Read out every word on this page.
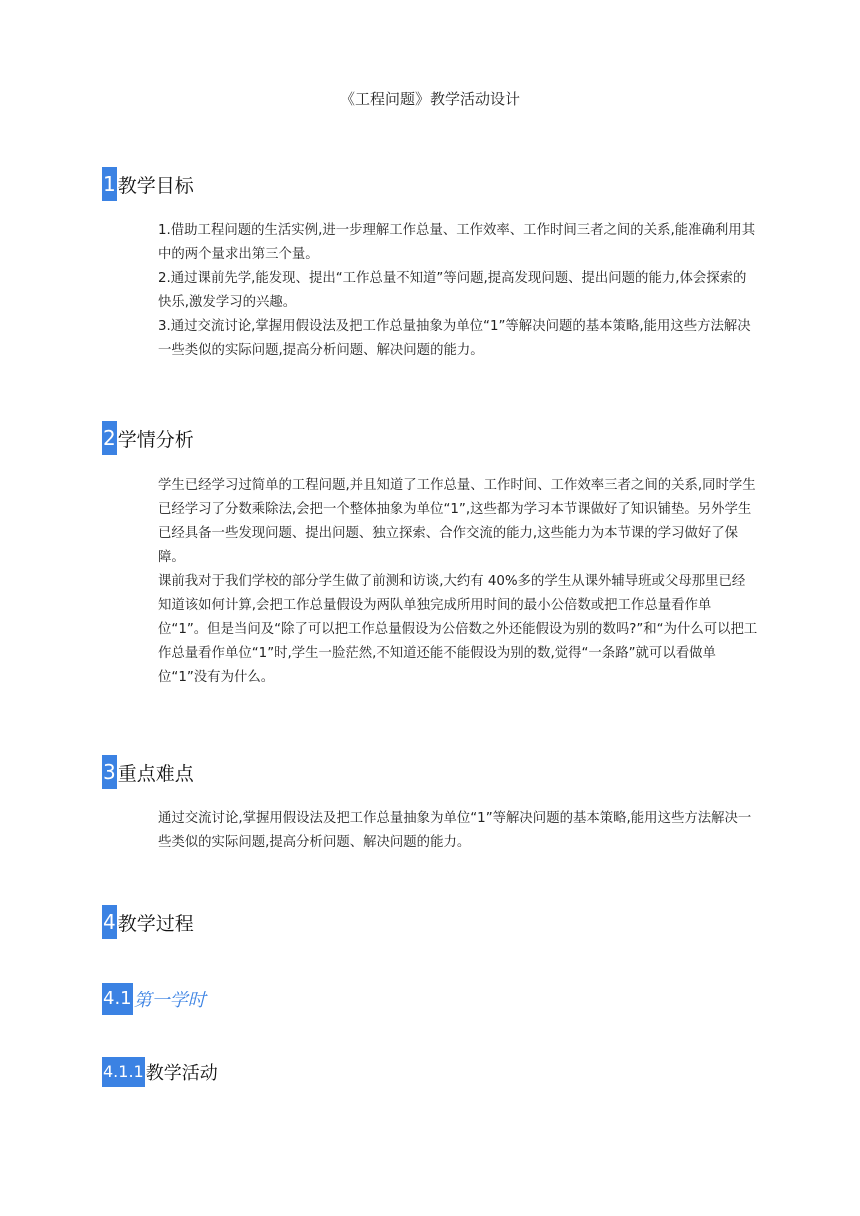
《工程问题》教学活动设计
1 教学目标

1.借助工程问题的生活实例,进一步理解工作总量、工作效率、工作时间三者之间的关系,能准确利用其中的两个量求出第三个量。

2.通过课前先学,能发现、提出“工作总量不知道”等问题,提高发现问题、提出问题的能力,体会探索的快乐,激发学习的兴趣。

3.通过交流讨论,掌握用假设法及把工作总量抽象为单位“1”等解决问题的基本策略,能用这些方法解决一些类似的实际问题,提高分析问题、解决问题的能力。

2 学情分析

学生已经学习过简单的工程问题,并且知道了工作总量、工作时间、工作效率三者之间的关系,同时学生已经学习了分数乘除法,会把一个整体抽象为单位“1”,这些都为学习本节课做好了知识铺垫。另外学生已经具备一些发现问题、提出问题、独立探索、合作交流的能力,这些能力为本节课的学习做好了保障。

课前我对于我们学校的部分学生做了前测和访谈,大约有 40%多的学生从课外辅导班或父母那里已经知道该如何计算,会把工作总量假设为两队单独完成所用时间的最小公倍数或把工作总量看作单位“1”。但是当问及“除了可以把工作总量假设为公倍数之外还能假设为别的数吗?”和“为什么可以把工作总量看作单位“1”时,学生一脸茫然,不知道还能不能假设为别的数,觉得“一条路”就可以看做单位“1”没有为什么。

3 重点难点

通过交流讨论,掌握用假设法及把工作总量抽象为单位“1”等解决问题的基本策略,能用这些方法解决一些类似的实际问题,提高分析问题、解决问题的能力。

4 教学过程
4.1 第一学时
4.1.1 教学活动
